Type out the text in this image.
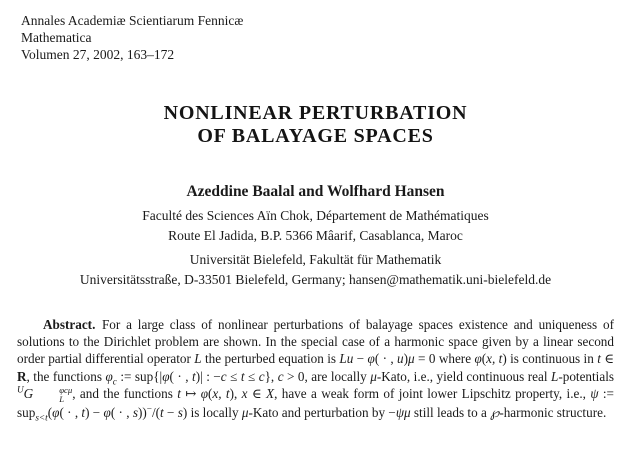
Annales Academiæ Scientiarum Fennicæ
Mathematica
Volumen 27, 2002, 163–172
NONLINEAR PERTURBATION
OF BALAYAGE SPACES
Azeddine Baalal and Wolfhard Hansen
Faculté des Sciences Aïn Chok, Département de Mathématiques
Route El Jadida, B.P. 5366 Mâarif, Casablanca, Maroc
Universität Bielefeld, Fakultät für Mathematik
Universitätsstraße, D-33501 Bielefeld, Germany; hansen@mathematik.uni-bielefeld.de

Abstract. For a large class of nonlinear perturbations of balayage spaces existence and uniqueness of solutions to the Dirichlet problem are shown. In the special case of a harmonic space given by a linear second order partial differential operator L the perturbed equation is Lu − φ( · , u)μ = 0 where φ(x, t) is continuous in t ∈ R, the functions $\varphi_c$ := sup{|φ( · , t)| : −c ≤ t ≤ c}, c > 0, are locally μ-Kato, i.e., yield continuous real L-potentials $^U$G	φcμ
L , and the functions t ↦ φ(x, t), x ∈ X, have a weak form of joint lower Lipschitz property, i.e., ψ := sup$_{s<t}$(φ( · , t) − φ( · , s))−/(t − s) is locally μ-Kato and perturbation by −ψμ still leads to a ℘-harmonic structure.
